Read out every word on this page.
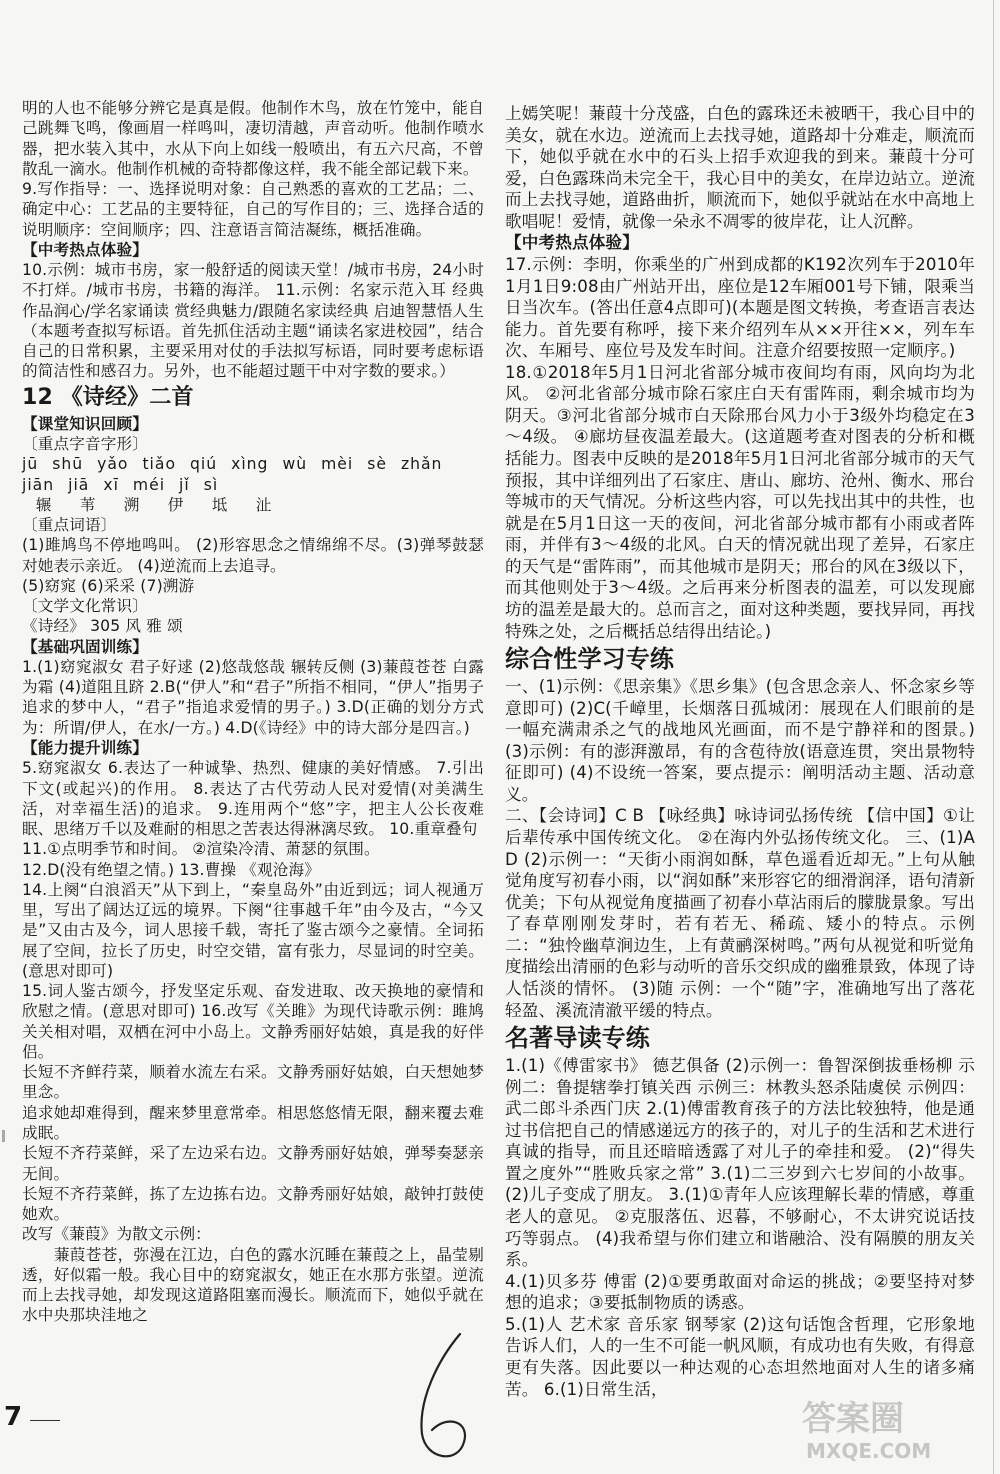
明的人也不能够分辨它是真是假。他制作木鸟，放在竹笼中，能自己跳舞飞鸣，像画眉一样鸣叫，凄切清越，声音动听。他制作喷水器，把水装入其中，水从下向上如线一般喷出，有五六尺高，不曾散乱一滴水。他制作机械的奇特都像这样，我不能全部记载下来。

9.写作指导：一、选择说明对象：自己熟悉的喜欢的工艺品；二、确定中心：工艺品的主要特征，自己的写作目的；三、选择合适的说明顺序：空间顺序；四、注意语言简洁凝练，概括准确。

【中考热点体验】

10.示例：城市书房，家一般舒适的阅读天堂！/城市书房，24小时不打烊。/城市书房，书籍的海洋。 11.示例：名家示范入耳 经典作品润心/学名家诵读 赏经典魅力/跟随名家读经典 启迪智慧悟人生（本题考查拟写标语。首先抓住活动主题“诵读名家进校园”，结合自己的日常积累，主要采用对仗的手法拟写标语，同时要考虑标语的简洁性和感召力。另外，也不能超过题干中对字数的要求。）

12 《诗经》二首

【课堂知识回顾】

〔重点字音字形〕

jū shū yǎo tiǎo qiú xìng wù mèi sè zhǎn

jiān jiā xī méi jǐ sì

辗 苇 溯 伊 坻 沚

〔重点词语〕

(1)雎鸠鸟不停地鸣叫。 (2)形容思念之情绵绵不尽。(3)弹琴鼓瑟对她表示亲近。 (4)逆流而上去追寻。

(5)窈窕 (6)采采 (7)溯游

〔文学文化常识〕

《诗经》 305 风 雅 颂

【基础巩固训练】

1.(1)窈窕淑女 君子好逑 (2)悠哉悠哉 辗转反侧 (3)蒹葭苍苍 白露为霜 (4)道阻且跻 2.B(“伊人”和“君子”所指不相同，“伊人”指男子追求的梦中人，“君子”指追求爱情的男子。) 3.D(正确的划分方式为：所谓/伊人，在水/一方。) 4.D(《诗经》中的诗大部分是四言。)

【能力提升训练】

5.窈窕淑女 6.表达了一种诚挚、热烈、健康的美好情感。 7.引出下文(或起兴)的作用。 8.表达了古代劳动人民对爱情(对美满生活，对幸福生活)的追求。 9.连用两个“悠”字，把主人公长夜难眠、思绪万千以及难耐的相思之苦表达得淋漓尽致。 10.重章叠句

11.①点明季节和时间。 ②渲染冷清、萧瑟的氛围。

12.D(没有绝望之情。) 13.曹操 《观沧海》

14.上阕“白浪滔天”从下到上，“秦皇岛外”由近到远；词人视通万里，写出了阔达辽远的境界。下阕“往事越千年”由今及古，“今又是”又由古及今，词人思接千载，寄托了鉴古颂今之豪情。全词拓展了空间，拉长了历史，时空交错，富有张力，尽显词的时空美。(意思对即可)

15.词人鉴古颂今，抒发坚定乐观、奋发进取、改天换地的豪情和欣慰之情。(意思对即可) 16.改写《关雎》为现代诗歌示例：雎鸠关关相对唱，双栖在河中小岛上。文静秀丽好姑娘，真是我的好伴侣。

长短不齐鲜荇菜，顺着水流左右采。文静秀丽好姑娘，白天想她梦里念。

追求她却难得到，醒来梦里意常牵。相思悠悠情无限，翻来覆去难成眠。

长短不齐荇菜鲜，采了左边采右边。文静秀丽好姑娘，弹琴奏瑟亲无间。

长短不齐荇菜鲜，拣了左边拣右边。文静秀丽好姑娘，敲钟打鼓使她欢。

改写《蒹葭》为散文示例：

　　蒹葭苍苍，弥漫在江边，白色的露水沉睡在蒹葭之上，晶莹剔透，好似霜一般。我心目中的窈窕淑女，她正在水那方张望。逆流而上去找寻她，却发现这道路阻塞而漫长。顺流而下，她似乎就在水中央那块洼地之

上嫣笑呢！蒹葭十分茂盛，白色的露珠还未被晒干，我心目中的美女，就在水边。逆流而上去找寻她，道路却十分难走，顺流而下，她似乎就在水中的石头上招手欢迎我的到来。蒹葭十分可爱，白色露珠尚未完全干，我心目中的美女，在岸边站立。逆流而上去找寻她，道路曲折，顺流而下，她似乎就站在水中高地上歌唱呢！爱情，就像一朵永不凋零的彼岸花，让人沉醉。

【中考热点体验】

17.示例：李明，你乘坐的广州到成都的K192次列车于2010年1月1日9:08由广州站开出，座位是12车厢001号下铺，限乘当日当次车。(答出任意4点即可)(本题是图文转换，考查语言表达能力。首先要有称呼，接下来介绍列车从××开往××，列车车次、车厢号、座位号及发车时间。注意介绍要按照一定顺序。)

18.①2018年5月1日河北省部分城市夜间均有雨，风向均为北风。 ②河北省部分城市除石家庄白天有雷阵雨，剩余城市均为阴天。③河北省部分城市白天除邢台风力小于3级外均稳定在3～4级。 ④廊坊昼夜温差最大。(这道题考查对图表的分析和概括能力。图表中反映的是2018年5月1日河北省部分城市的天气预报，其中详细列出了石家庄、唐山、廊坊、沧州、衡水、邢台等城市的天气情况。分析这些内容，可以先找出其中的共性，也就是在5月1日这一天的夜间，河北省部分城市都有小雨或者阵雨，并伴有3～4级的北风。白天的情况就出现了差异，石家庄的天气是“雷阵雨”，而其他城市是阴天；邢台的风在3级以下，而其他则处于3～4级。之后再来分析图表的温差，可以发现廊坊的温差是最大的。总而言之，面对这种类题，要找异同，再找特殊之处，之后概括总结得出结论。)

综合性学习专练

一、(1)示例：《思亲集》《思乡集》(包含思念亲人、怀念家乡等意即可) (2)C(千嶂里，长烟落日孤城闭：展现在人们眼前的是一幅充满肃杀之气的战地风光画面，而不是宁静祥和的图景。) (3)示例：有的澎湃激昂，有的含苞待放(语意连贯，突出景物特征即可) (4)不设统一答案，要点提示：阐明活动主题、活动意义。

二、【会诗词】C B 【咏经典】咏诗词弘扬传统 【信中国】①让后辈传承中国传统文化。 ②在海内外弘扬传统文化。 三、(1)A D (2)示例一：“天街小雨润如酥，草色遥看近却无。”上句从触觉角度写初春小雨，以“润如酥”来形容它的细滑润泽，语句清新优美；下句从视觉角度描画了初春小草沾雨后的朦胧景象。写出了春草刚刚发芽时，若有若无、稀疏、矮小的特点。示例二：“独怜幽草涧边生，上有黄鹂深树鸣。”两句从视觉和听觉角度描绘出清丽的色彩与动听的音乐交织成的幽雅景致，体现了诗人恬淡的情怀。 (3)随 示例：一个“随”字，准确地写出了落花轻盈、溪流清澈平缓的特点。

名著导读专练

1.(1)《傅雷家书》 德艺俱备 (2)示例一：鲁智深倒拔垂杨柳 示例二：鲁提辖拳打镇关西 示例三：林教头怒杀陆虞侯 示例四：武二郎斗杀西门庆 2.(1)傅雷教育孩子的方法比较独特，他是通过书信把自己的情感递远方的孩子的，对儿子的生活和艺术进行真诚的指导，而且还暗暗透露了对儿子的牵挂和爱。 (2)“得失置之度外”“胜败兵家之常” 3.(1)二三岁到六七岁间的小故事。 (2)儿子变成了朋友。 3.(1)①青年人应该理解长辈的情感，尊重老人的意见。 ②克服落伍、迟暮，不够耐心，不太讲究说话技巧等弱点。 (4)我希望与你们建立和谐融洽、没有隔膜的朋友关系。

4.(1)贝多芬 傅雷 (2)①要勇敢面对命运的挑战；②要坚持对梦想的追求；③要抵制物质的诱惑。

5.(1)人 艺术家 音乐家 钢琴家 (2)这句话饱含哲理，它形象地告诉人们，人的一生不可能一帆风顺，有成功也有失败，有得意更有失落。因此要以一种达观的心态坦然地面对人生的诸多痛苦。 6.(1)日常生活，

7	答案圈
MXQE.COM
